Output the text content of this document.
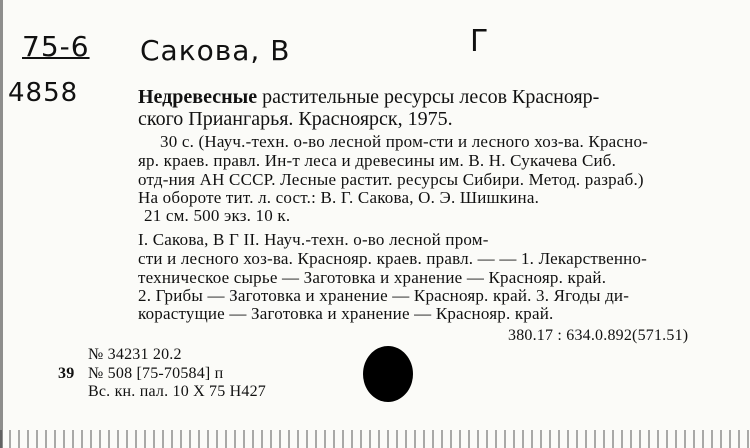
75-6
4858
Сакова, В	Г
Недревесные растительные ресурсы лесов Краснояр-
ского Приангарья. Красноярск, 1975.
30 с. (Науч.-техн. о-во лесной пром-сти и лесного хоз-ва. Красно-
яр. краев. правл. Ин-т леса и древесины им. В. Н. Сукачева Сиб.
отд-ния АН СССР. Лесные растит. ресурсы Сибири. Метод. разраб.)
На обороте тит. л. сост.: В. Г. Сакова, О. Э. Шишкина.
21 см. 500 экз. 10 к.
I. Сакова, В Г II. Науч.-техн. о-во лесной пром-
сти и лесного хоз-ва. Краснояр. краев. правл. — — 1. Лекарственно-
техническое сырье — Заготовка и хранение — Краснояр. край.
2. Грибы — Заготовка и хранение — Краснояр. край. 3. Ягоды ди-
корастущие — Заготовка и хранение — Краснояр. край.
380.17 : 634.0.892(571.51)
№ 34231 20.2
39 № 508 [75-70584] п
Вс. кн. пал. 10 Х 75 Н427
